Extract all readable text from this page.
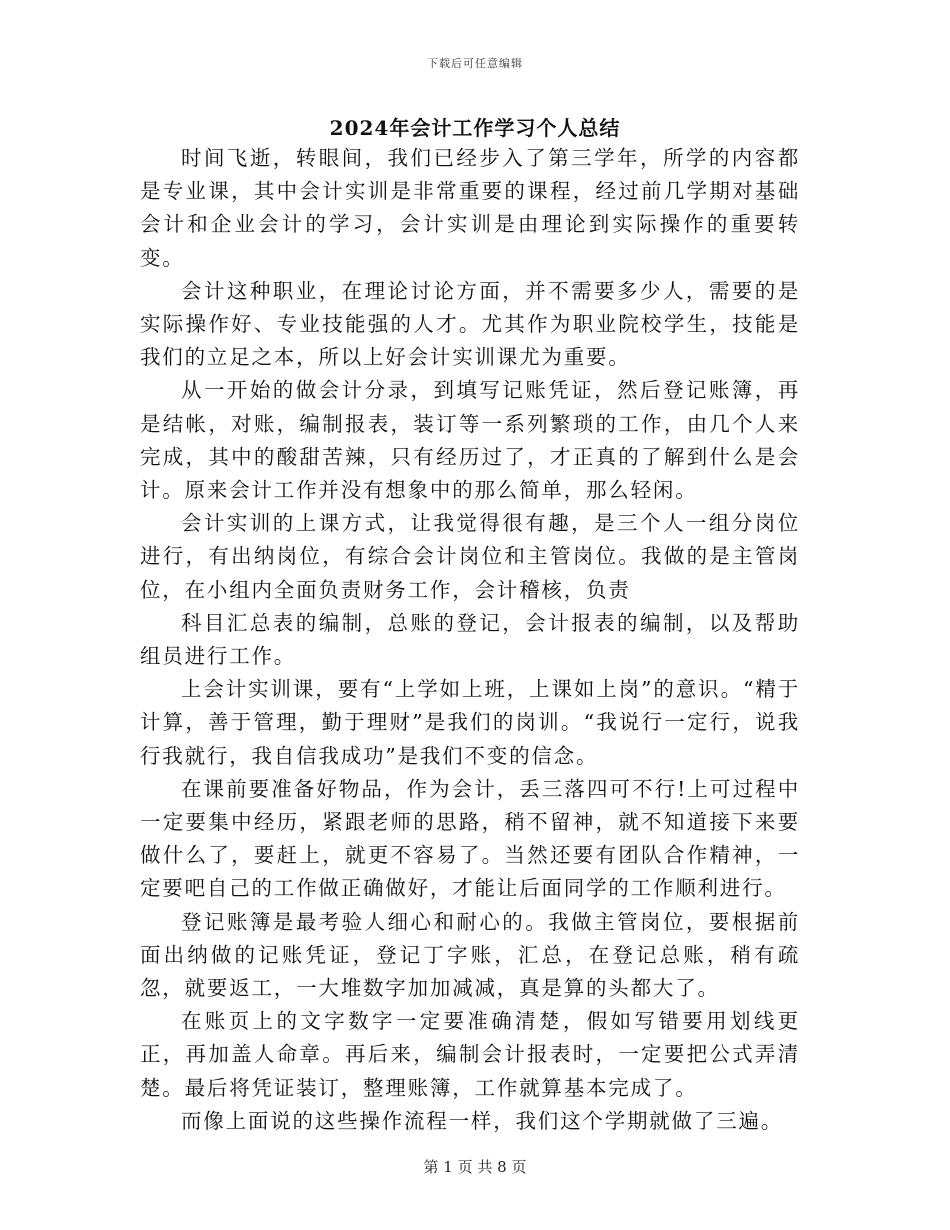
下载后可任意编辑
2024年会计工作学习个人总结

时间飞逝，转眼间，我们已经步入了第三学年，所学的内容都是专业课，其中会计实训是非常重要的课程，经过前几学期对基础会计和企业会计的学习，会计实训是由理论到实际操作的重要转变。

会计这种职业，在理论讨论方面，并不需要多少人，需要的是实际操作好、专业技能强的人才。尤其作为职业院校学生，技能是我们的立足之本，所以上好会计实训课尤为重要。

从一开始的做会计分录，到填写记账凭证，然后登记账簿，再是结帐，对账，编制报表，装订等一系列繁琐的工作，由几个人来完成，其中的酸甜苦辣，只有经历过了，才正真的了解到什么是会计。原来会计工作并没有想象中的那么简单，那么轻闲。

会计实训的上课方式，让我觉得很有趣，是三个人一组分岗位进行，有出纳岗位，有综合会计岗位和主管岗位。我做的是主管岗位，在小组内全面负责财务工作，会计稽核，负责

科目汇总表的编制，总账的登记，会计报表的编制，以及帮助组员进行工作。

上会计实训课，要有“上学如上班，上课如上岗”的意识。“精于计算，善于管理，勤于理财”是我们的岗训。“我说行一定行，说我行我就行，我自信我成功”是我们不变的信念。

在课前要准备好物品，作为会计，丢三落四可不行!上可过程中一定要集中经历，紧跟老师的思路，稍不留神，就不知道接下来要做什么了，要赶上，就更不容易了。当然还要有团队合作精神，一定要吧自己的工作做正确做好，才能让后面同学的工作顺利进行。

登记账簿是最考验人细心和耐心的。我做主管岗位，要根据前面出纳做的记账凭证，登记丁字账，汇总，在登记总账，稍有疏忽，就要返工，一大堆数字加加减减，真是算的头都大了。

在账页上的文字数字一定要准确清楚，假如写错要用划线更正，再加盖人命章。再后来，编制会计报表时，一定要把公式弄清楚。最后将凭证装订，整理账簿，工作就算基本完成了。

而像上面说的这些操作流程一样，我们这个学期就做了三遍。

第 1 页 共 8 页
